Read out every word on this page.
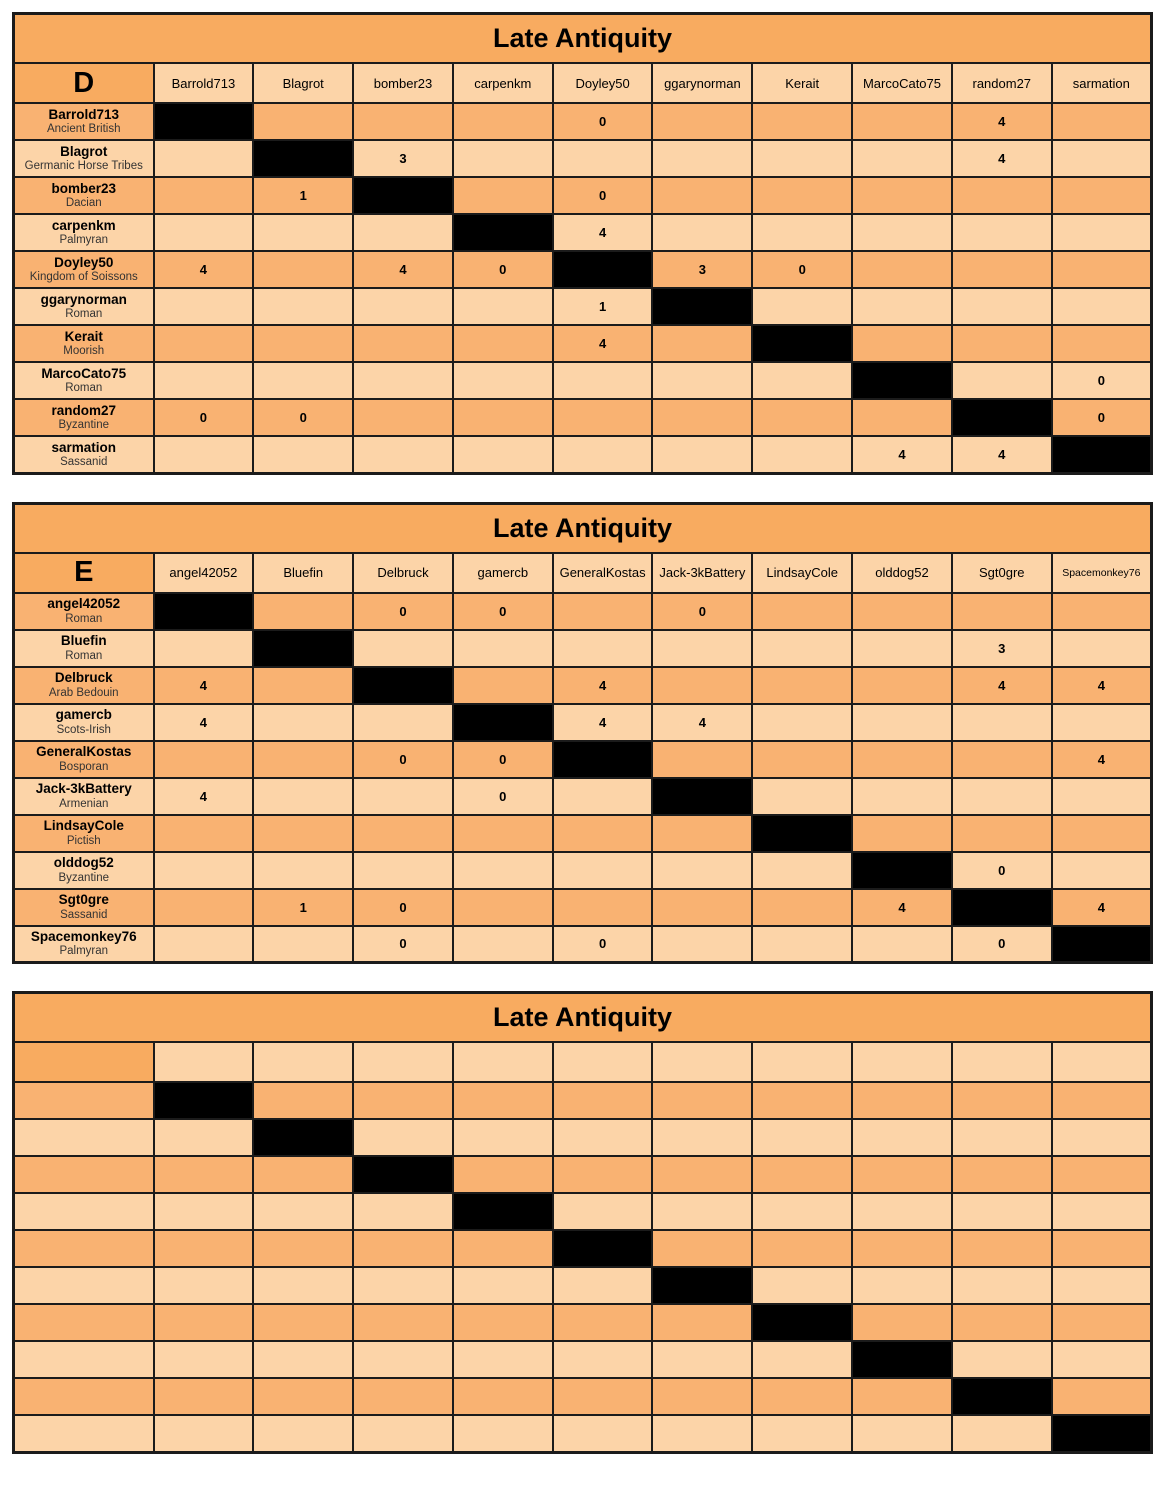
Late Antiquity										
D	Barrold713	Blagrot	bomber23	carpenkm	Doyley50	ggarynorman	Kerait	MarcoCato75	random27	sarmation

Barrold713
Ancient British					0				4	

Blagrot
Germanic Horse Tribes			3						4	

bomber23
Dacian		1			0					

carpenkm
Palmyran					4					

Doyley50
Kingdom of Soissons	4		4	0		3	0			

ggarynorman
Roman					1					

Kerait
Moorish					4					

MarcoCato75
Roman										0

random27
Byzantine	0	0								0

sarmation
Sassanid								4	4	
Late Antiquity										
E	angel42052	Bluefin	Delbruck	gamercb	GeneralKostas	Jack-3kBattery	LindsayCole	olddog52	Sgt0gre	Spacemonkey76

angel42052
Roman			0	0		0				

Bluefin
Roman									3	

Delbruck
Arab Bedouin	4				4				4	4

gamercb
Scots-Irish	4				4	4				

GeneralKostas
Bosporan			0	0						4

Jack-3kBattery
Armenian	4			0						

LindsayCole
Pictish										

olddog52
Byzantine									0	

Sgt0gre
Sassanid		1	0					4		4

Spacemonkey76
Palmyran			0		0				0	
Late Antiquity										
